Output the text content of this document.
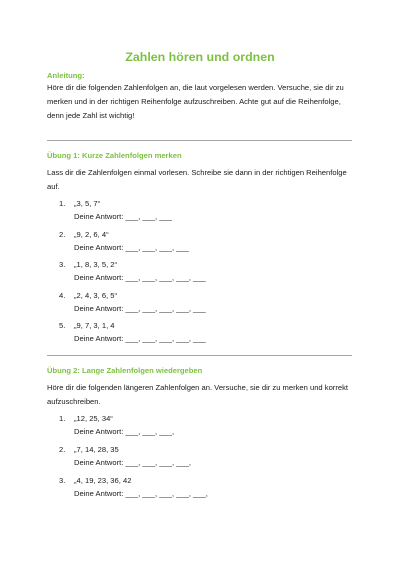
Zahlen hören und ordnen
Anleitung:
Höre dir die folgenden Zahlenfolgen an, die laut vorgelesen werden. Versuche, sie dir zu merken und in der richtigen Reihenfolge aufzuschreiben. Achte gut auf die Reihenfolge, denn jede Zahl ist wichtig!
Übung 1: Kurze Zahlenfolgen merken
Lass dir die Zahlenfolgen einmal vorlesen. Schreibe sie dann in der richtigen Reihenfolge auf.
1. „3, 5, 7“
Deine Antwort: ___, ___, ___
2. „9, 2, 6, 4“
Deine Antwort: ___, ___, ___, ___
3. „1, 8, 3, 5, 2“
Deine Antwort: ___, ___, ___, ___, ___
4. „2, 4, 3, 6, 5“
Deine Antwort: ___, ___, ___, ___, ___
5. „9, 7, 3, 1, 4
Deine Antwort: ___, ___, ___, ___, ___
Übung 2: Lange Zahlenfolgen wiedergeben
Höre dir die folgenden längeren Zahlenfolgen an. Versuche, sie dir zu merken und korrekt aufzuschreiben.
1. „12, 25, 34“
Deine Antwort: ___, ___, ___,
2. „7, 14, 28, 35
Deine Antwort: ___, ___, ___, ___,
3. „4, 19, 23, 36, 42
Deine Antwort: ___, ___, ___, ___, ___,
